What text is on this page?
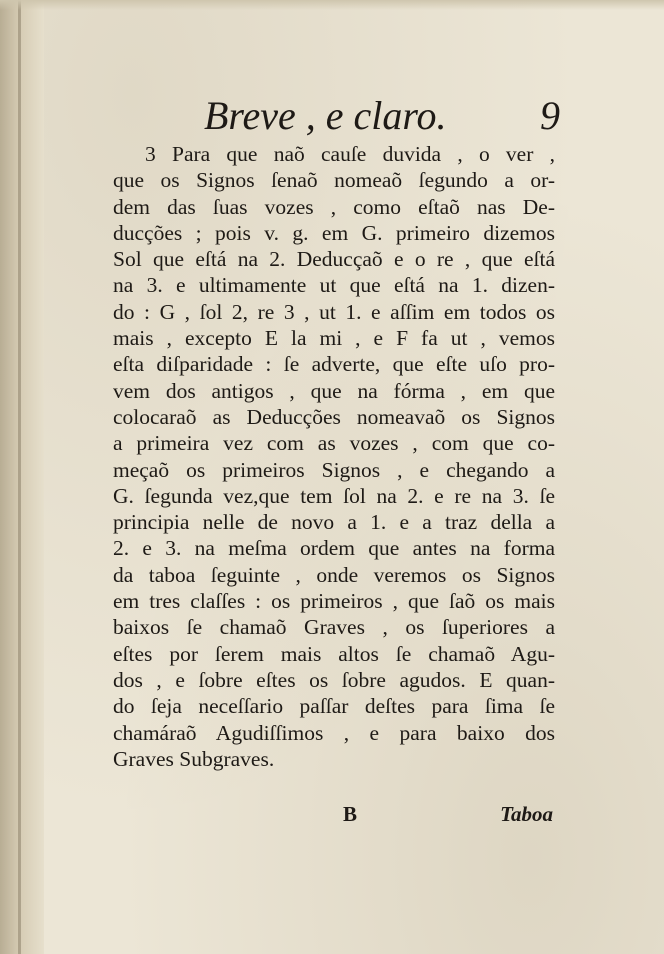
Breve , e claro. 9
3 Para que naõ cauſe duvida , o ver ,
que os Signos ſenaõ nomeaõ ſegundo a or-
dem das ſuas vozes , como eſtaõ nas De-
ducções ; pois v. g. em G. primeiro dizemos
Sol que eſtá na 2. Deducçaõ e o re , que eſtá
na 3. e ultimamente ut que eſtá na 1. dizen-
do : G , ſol 2, re 3 , ut 1. e aſſim em todos os
mais , excepto E la mi , e F fa ut , vemos
eſta diſparidade : ſe adverte, que eſte uſo pro-
vem dos antigos , que na fórma , em que
colocaraõ as Deducções nomeavaõ os Signos
a primeira vez com as vozes , com que co-
meçaõ os primeiros Signos , e chegando a
G. ſegunda vez,que tem ſol na 2. e re na 3. ſe
principia nelle de novo a 1. e a traz della a
2. e 3. na meſma ordem que antes na forma
da taboa ſeguinte , onde veremos os Signos
em tres claſſes : os primeiros , que ſaõ os mais
baixos ſe chamaõ Graves , os ſuperiores a
eſtes por ſerem mais altos ſe chamaõ Agu-
dos , e ſobre eſtes os ſobre agudos. E quan-
do ſeja neceſſario paſſar deſtes para ſima ſe
chamáraõ Agudiſſimos , e para baixo dos
Graves Subgraves.
B	Taboa
